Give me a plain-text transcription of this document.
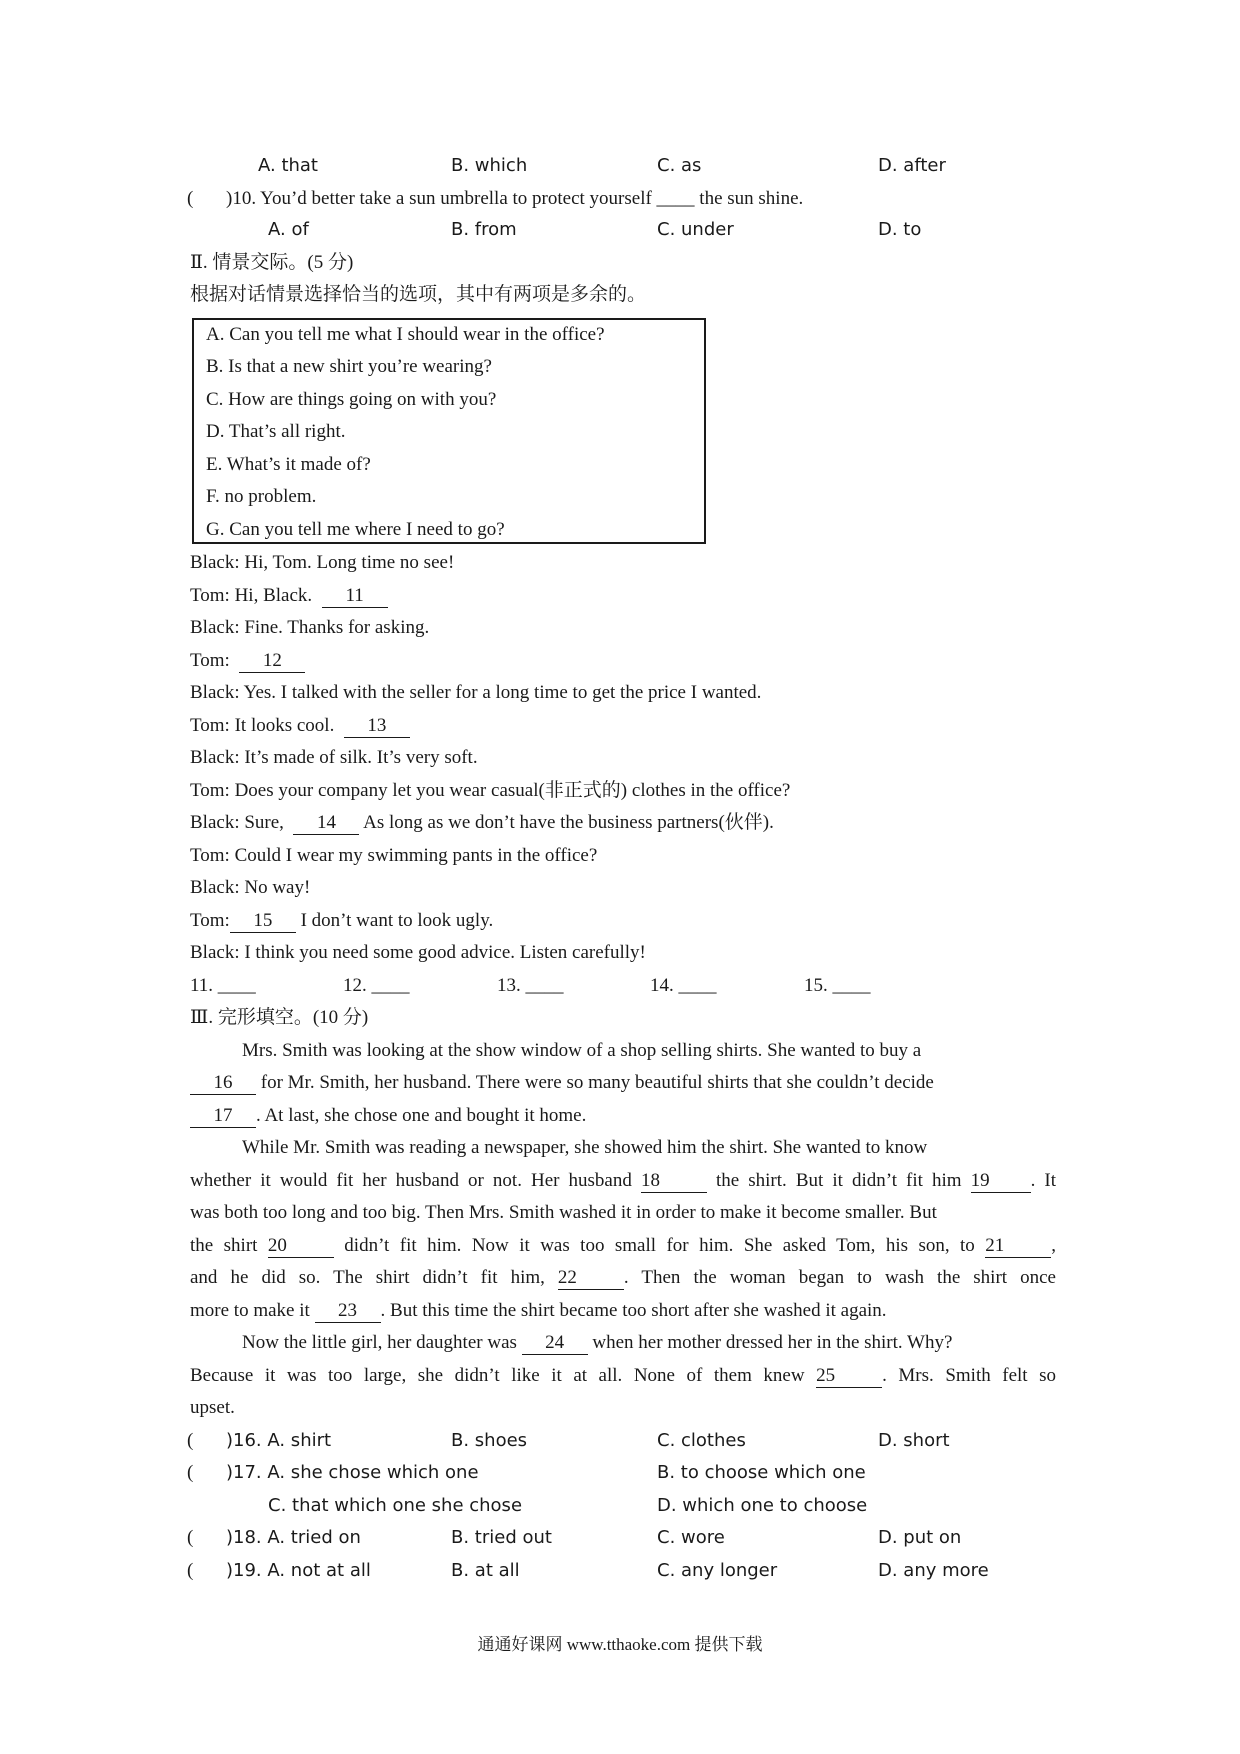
A. that	B. which	C. as	D. after
( )10. You’d better take a sun umbrella to protect yourself ____ the sun shine.
A. of	B. from	C. under	D. to
Ⅱ. 情景交际。(5 分)
根据对话情景选择恰当的选项，其中有两项是多余的。
A. Can you tell me what I should wear in the office?
B. Is that a new shirt you’re wearing?
C. How are things going on with you?
D. That’s all right.
E. What’s it made of?
F. no problem.
G. Can you tell me where I need to go?
Black: Hi, Tom. Long time no see!
Tom: Hi, Black.  11
Black: Fine. Thanks for asking.
Tom:  12
Black: Yes. I talked with the seller for a long time to get the price I wanted.
Tom: It looks cool.  13
Black: It’s made of silk. It’s very soft.
Tom: Does your company let you wear casual(非正式的) clothes in the office?
Black: Sure,  14 As long as we don’t have the business partners(伙伴).
Tom: Could I wear my swimming pants in the office?
Black: No way!
Tom: 15 I don’t want to look ugly.
Black: I think you need some good advice. Listen carefully!
11. ____	12. ____	13. ____	14. ____	15. ____
Ⅲ. 完形填空。(10 分)
Mrs. Smith was looking at the show window of a shop selling shirts. She wanted to buy a
16 for Mr. Smith, her husband. There were so many beautiful shirts that she couldn’t decide
17 . At last, she chose one and bought it home.
While Mr. Smith was reading a newspaper, she showed him the shirt. She wanted to know
whether it would fit her husband or not. Her husband 18 the shirt. But it didn’t fit him 19 . It
was both too long and too big. Then Mrs. Smith washed it in order to make it become smaller. But
the shirt 20 didn’t fit him. Now it was too small for him. She asked Tom, his son, to 21 ,
and he did so. The shirt didn’t fit him, 22 . Then the woman began to wash the shirt once
more to make it 23 . But this time the shirt became too short after she washed it again.
Now the little girl, her daughter was 24 when her mother dressed her in the shirt. Why?
Because it was too large, she didn’t like it at all. None of them knew 25 . Mrs. Smith felt so
upset.
( )16. A. shirt	B. shoes	C. clothes	D. short
( )17. A. she chose which one	B. to choose which one
C. that which one she chose	D. which one to choose
( )18. A. tried on	B. tried out	C. wore	D. put on
( )19. A. not at all	B. at all	C. any longer	D. any more
通通好课网 www.tthaoke.com 提供下载
